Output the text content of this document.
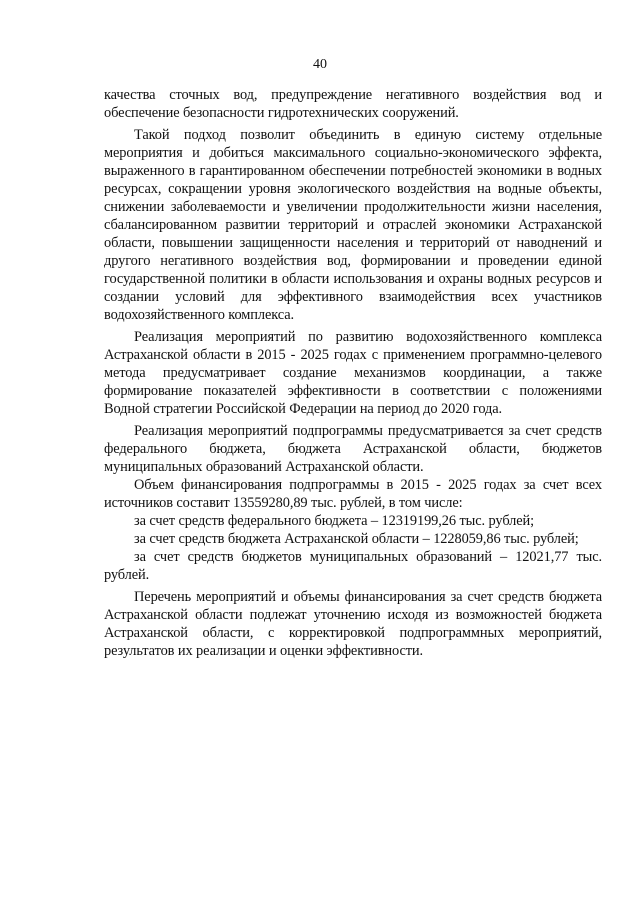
40

качества сточных вод, предупреждение негативного воздействия вод и обеспечение безопасности гидротехнических сооружений.

Такой подход позволит объединить в единую систему отдельные мероприятия и добиться максимального социально-экономического эффекта, выраженного в гарантированном обеспечении потребностей экономики в водных ресурсах, сокращении уровня экологического воздействия на водные объекты, снижении заболеваемости и увеличении продолжительности жизни населения, сбалансированном развитии территорий и отраслей экономики Астраханской области, повышении защищенности населения и территорий от наводнений и другого негативного воздействия вод, формировании и проведении единой государственной политики в области использования и охраны водных ресурсов и создании условий для эффективного взаимодействия всех участников водохозяйственного комплекса.

Реализация мероприятий по развитию водохозяйственного комплекса Астраханской области в 2015 - 2025 годах с применением программно-целевого метода предусматривает создание механизмов координации, а также формирование показателей эффективности в соответствии с положениями Водной стратегии Российской Федерации на период до 2020 года.

Реализация мероприятий подпрограммы предусматривается за счет средств федерального бюджета, бюджета Астраханской области, бюджетов муниципальных образований Астраханской области.

Объем финансирования подпрограммы в 2015 - 2025 годах за счет всех источников составит 13559280,89 тыс. рублей, в том числе:

за счет средств федерального бюджета – 12319199,26 тыс. рублей;

за счет средств бюджета Астраханской области – 1228059,86 тыс. рублей;

за счет средств бюджетов муниципальных образований – 12021,77 тыс. рублей.

Перечень мероприятий и объемы финансирования за счет средств бюджета Астраханской области подлежат уточнению исходя из возможностей бюджета Астраханской области, с корректировкой подпрограммных мероприятий, результатов их реализации и оценки эффективности.
